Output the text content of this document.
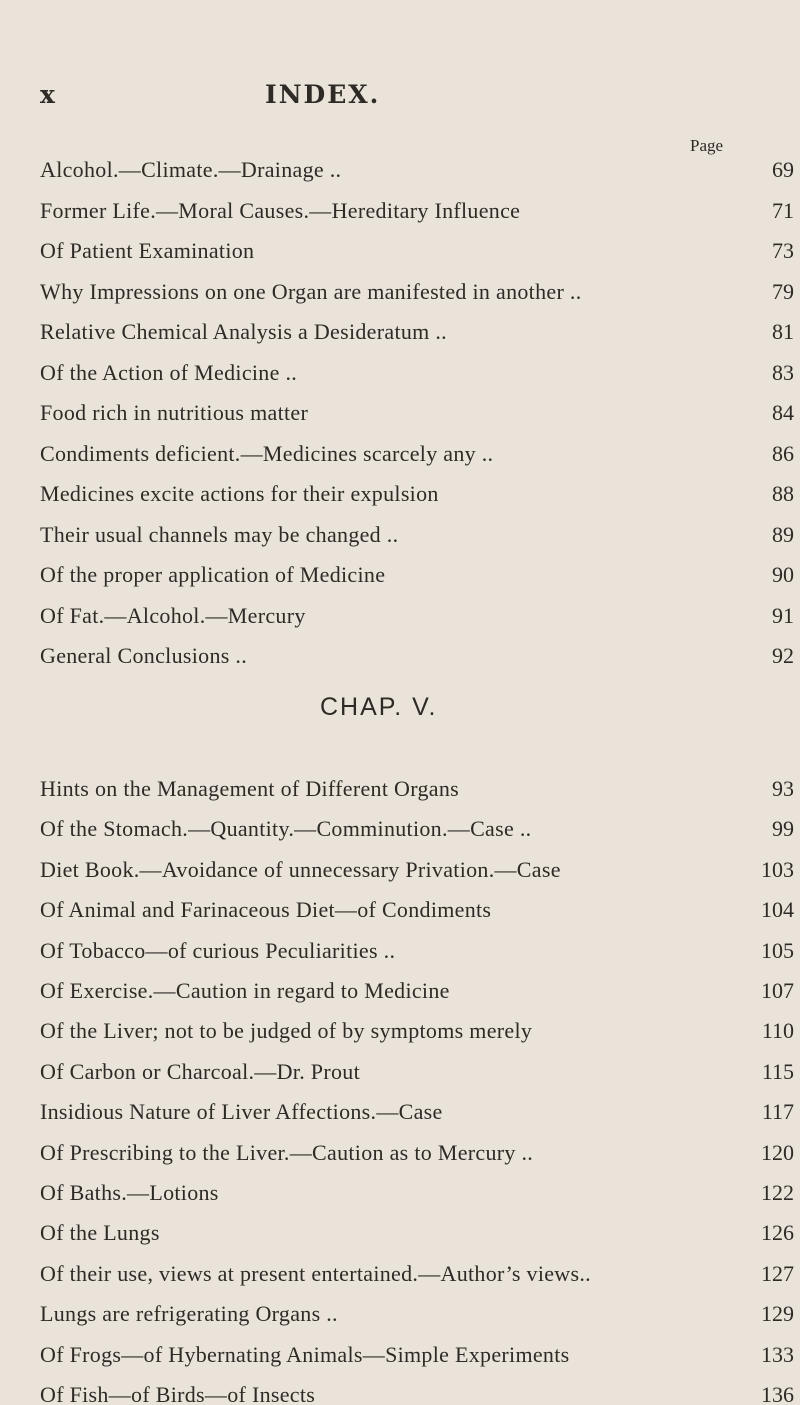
x	INDEX.
Page
Alcohol.—Climate.—Drainage ..	69
Former Life.—Moral Causes.—Hereditary Influence	71
Of Patient Examination	73
Why Impressions on one Organ are manifested in another ..	79
Relative Chemical Analysis a Desideratum ..	81
Of the Action of Medicine ..	83
Food rich in nutritious matter	84
Condiments deficient.—Medicines scarcely any ..	86
Medicines excite actions for their expulsion	88
Their usual channels may be changed ..	89
Of the proper application of Medicine	90
Of Fat.—Alcohol.—Mercury	91
General Conclusions ..	92
CHAP. V.
Hints on the Management of Different Organs	93
Of the Stomach.—Quantity.—Comminution.—Case ..	99
Diet Book.—Avoidance of unnecessary Privation.—Case	103
Of Animal and Farinaceous Diet—of Condiments	104
Of Tobacco—of curious Peculiarities ..	105
Of Exercise.—Caution in regard to Medicine	107
Of the Liver; not to be judged of by symptoms merely	110
Of Carbon or Charcoal.—Dr. Prout	115
Insidious Nature of Liver Affections.—Case	117
Of Prescribing to the Liver.—Caution as to Mercury ..	120
Of Baths.—Lotions	122
Of the Lungs	126
Of their use, views at present entertained.—Author’s views..	127
Lungs are refrigerating Organs ..	129
Of Frogs—of Hybernating Animals—Simple Experiments	133
Of Fish—of Birds—of Insects	136
